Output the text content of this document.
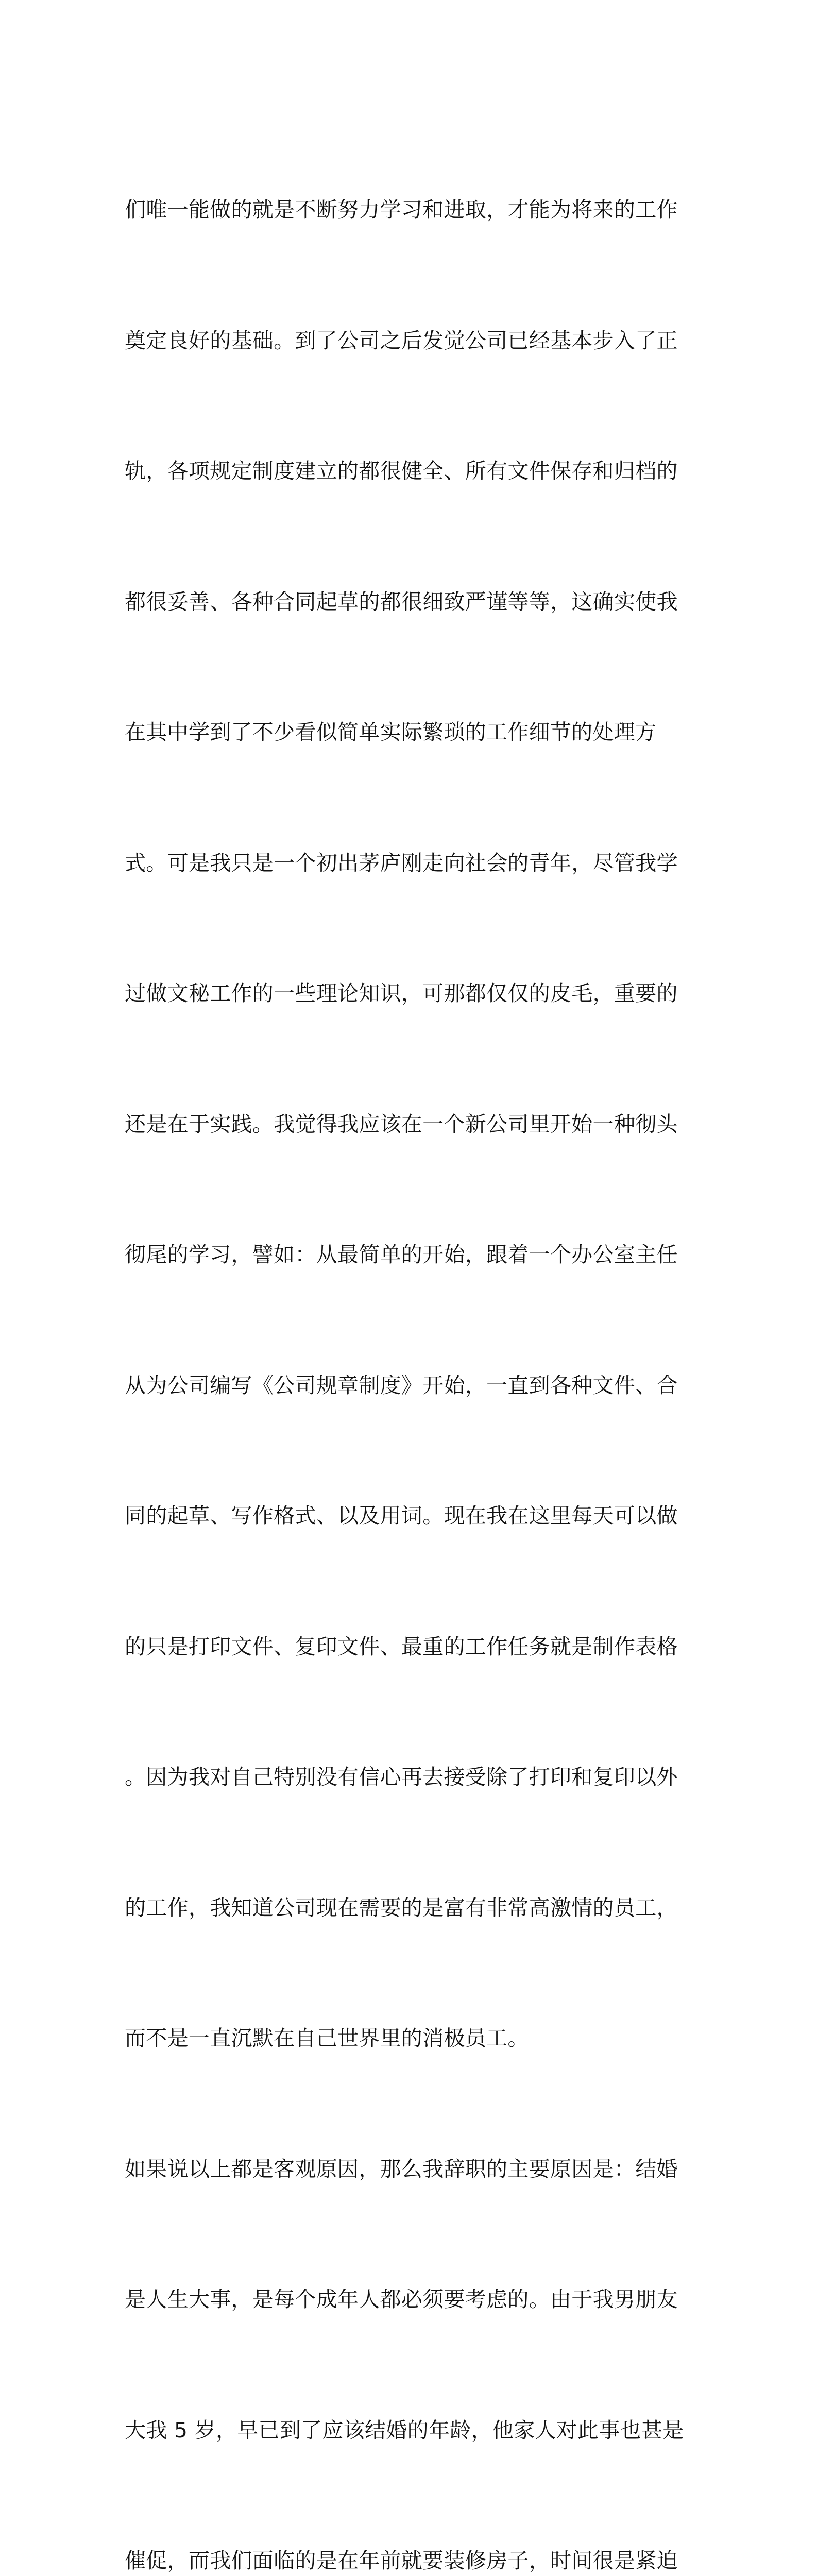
们唯一能做的就是不断努力学习和进取，才能为将来的工作

奠定良好的基础。到了公司之后发觉公司已经基本步入了正

轨，各项规定制度建立的都很健全、所有文件保存和归档的

都很妥善、各种合同起草的都很细致严谨等等，这确实使我

在其中学到了不少看似简单实际繁琐的工作细节的处理方

式。可是我只是一个初出茅庐刚走向社会的青年，尽管我学

过做文秘工作的一些理论知识，可那都仅仅的皮毛，重要的

还是在于实践。我觉得我应该在一个新公司里开始一种彻头

彻尾的学习，譬如：从最简单的开始，跟着一个办公室主任

从为公司编写《公司规章制度》开始，一直到各种文件、合

同的起草、写作格式、以及用词。现在我在这里每天可以做

的只是打印文件、复印文件、最重的工作任务就是制作表格

。因为我对自己特别没有信心再去接受除了打印和复印以外

的工作，我知道公司现在需要的是富有非常高激情的员工，

而不是一直沉默在自己世界里的消极员工。

如果说以上都是客观原因，那么我辞职的主要原因是：结婚

是人生大事，是每个成年人都必须要考虑的。由于我男朋友

大我 5 岁，早已到了应该结婚的年龄，他家人对此事也甚是

催促，而我们面临的是在年前就要装修房子，时间很是紧迫
